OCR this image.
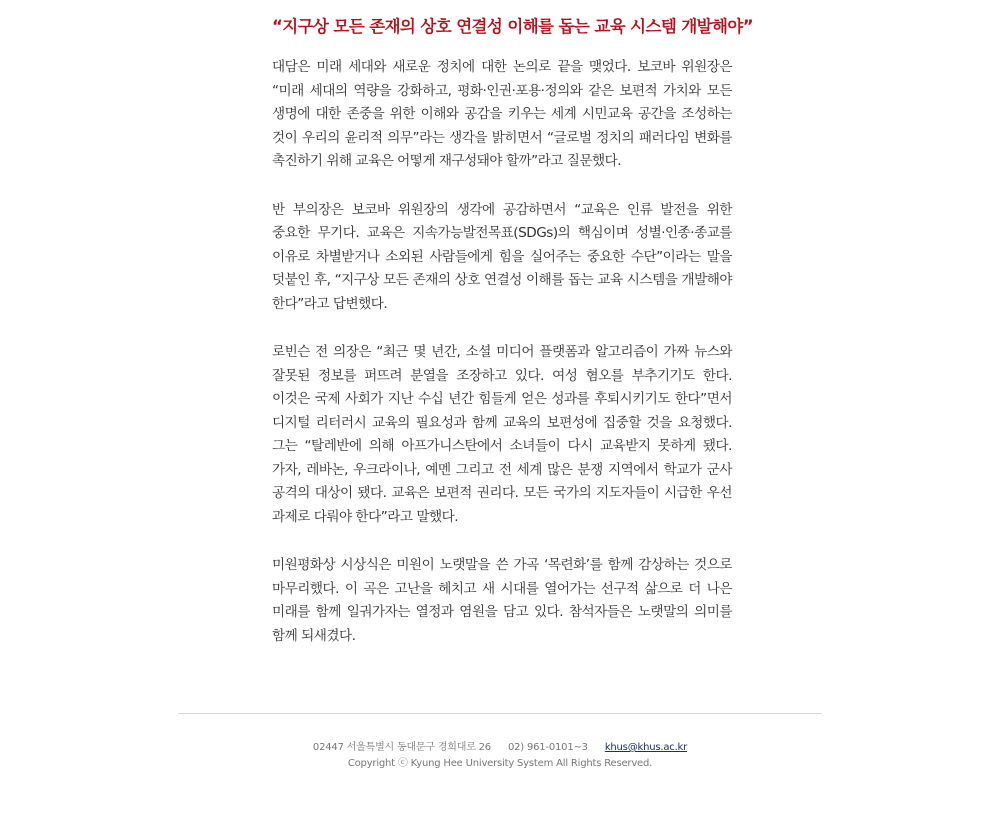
“지구상 모든 존재의 상호 연결성 이해를 돕는 교육 시스템 개발해야”

대담은 미래 세대와 새로운 정치에 대한 논의로 끝을 맺었다. 보코바 위원장은 “미래 세대의 역량을 강화하고, 평화·인권·포용·정의와 같은 보편적 가치와 모든 생명에 대한 존중을 위한 이해와 공감을 키우는 세계 시민교육 공간을 조성하는 것이 우리의 윤리적 의무”라는 생각을 밝히면서 “글로벌 정치의 패러다임 변화를 촉진하기 위해 교육은 어떻게 재구성돼야 할까”라고 질문했다.

반 부의장은 보코바 위원장의 생각에 공감하면서 “교육은 인류 발전을 위한 중요한 무기다. 교육은 지속가능발전목표(SDGs)의 핵심이며 성별·인종·종교를 이유로 차별받거나 소외된 사람들에게 힘을 실어주는 중요한 수단”이라는 말을 덧붙인 후, “지구상 모든 존재의 상호 연결성 이해를 돕는 교육 시스템을 개발해야 한다”라고 답변했다.

로빈슨 전 의장은 “최근 몇 년간, 소셜 미디어 플랫폼과 알고리즘이 가짜 뉴스와 잘못된 정보를 퍼뜨려 분열을 조장하고 있다. 여성 혐오를 부추기기도 한다. 이것은 국제 사회가 지난 수십 년간 힘들게 얻은 성과를 후퇴시키기도 한다”면서 디지털 리터러시 교육의 필요성과 함께 교육의 보편성에 집중할 것을 요청했다. 그는 “탈레반에 의해 아프가니스탄에서 소녀들이 다시 교육받지 못하게 됐다. 가자, 레바논, 우크라이나, 예멘 그리고 전 세계 많은 분쟁 지역에서 학교가 군사 공격의 대상이 됐다. 교육은 보편적 권리다. 모든 국가의 지도자들이 시급한 우선 과제로 다뤄야 한다”라고 말했다.

미원평화상 시상식은 미원이 노랫말을 쓴 가곡 ‘목련화’를 함께 감상하는 것으로 마무리했다. 이 곡은 고난을 헤치고 새 시대를 열어가는 선구적 삶으로 더 나은 미래를 함께 일궈가자는 열정과 염원을 담고 있다. 참석자들은 노랫말의 의미를 함께 되새겼다.

02447 서울특별시 동대문구 경희대로 26 02) 961-0101~3 khus@khus.ac.kr
Copyright ⓒ Kyung Hee University System All Rights Reserved.
